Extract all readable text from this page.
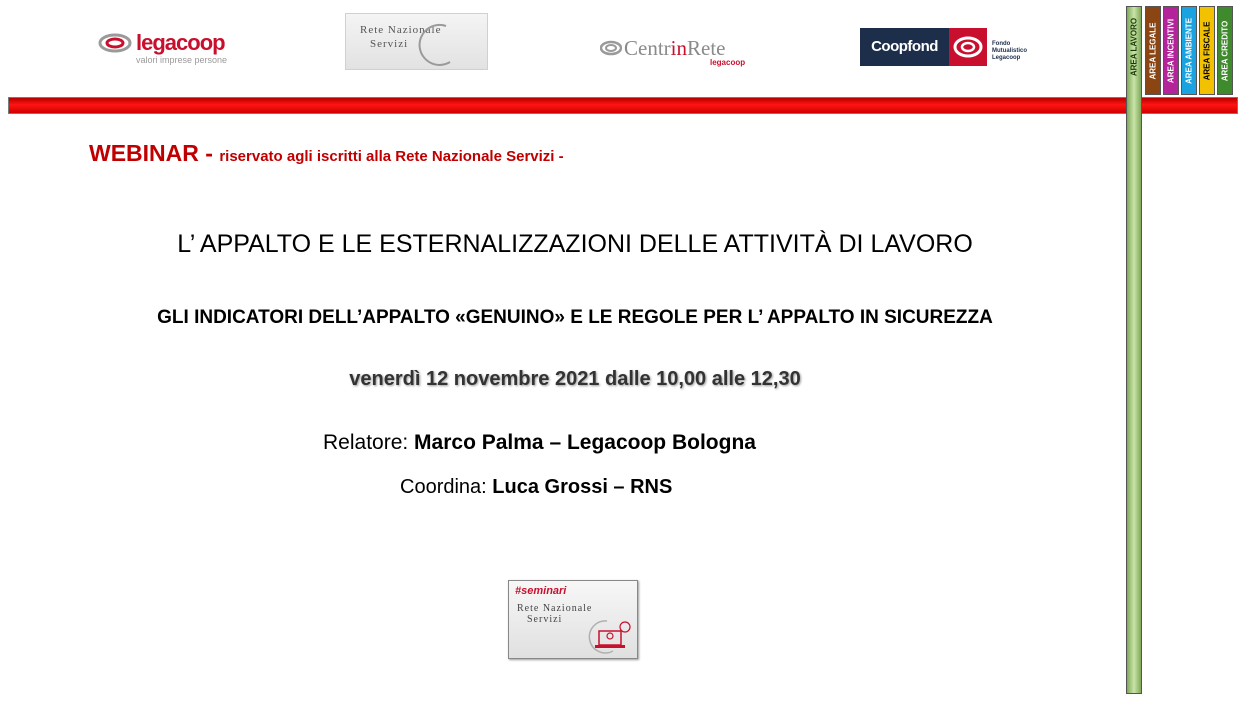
legacoop
valori imprese persone
Rete Nazionale
Servizi	CentrinRete
legacoop
Coopfond	Fondo
Mutualistico
Legacoop	AREA LAVORO AREA LEGALE AREA INCENTIVI AREA AMBIENTE AREA FISCALE AREA CREDITO
WEBINAR - riservato agli iscritti alla Rete Nazionale Servizi -
L’ APPALTO E LE ESTERNALIZZAZIONI DELLE ATTIVITÀ DI LAVORO
GLI INDICATORI DELL’APPALTO «GENUINO» E LE REGOLE PER L’ APPALTO IN SICUREZZA
venerdì 12 novembre 2021 dalle 10,00 alle 12,30
Relatore: Marco Palma – Legacoop Bologna
Coordina: Luca Grossi – RNS
#seminari
Rete Nazionale
Servizi
